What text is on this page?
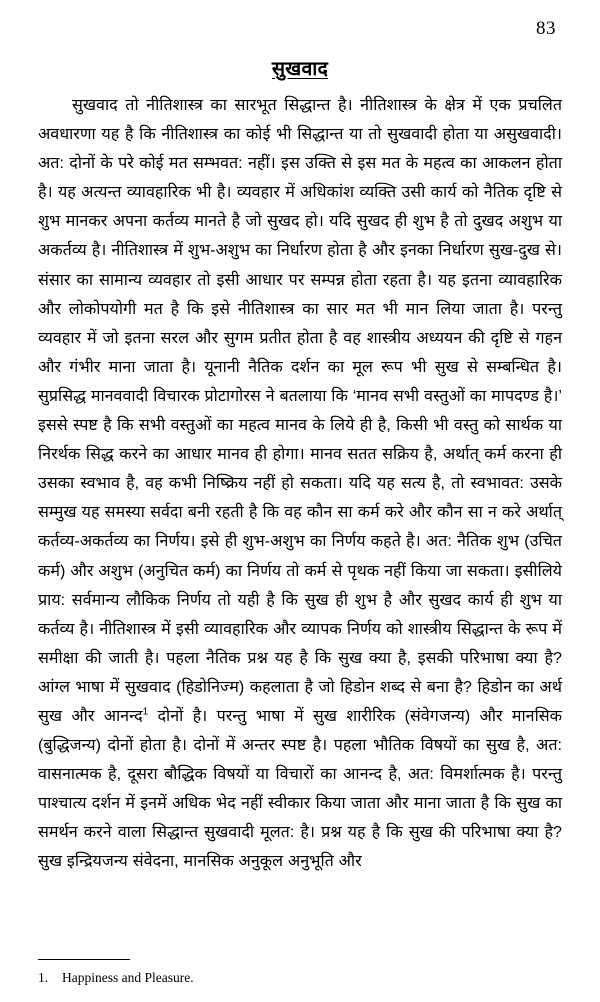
83
सुखवाद
सुखवाद तो नीतिशास्त्र का सारभूत सिद्धान्त है। नीतिशास्त्र के क्षेत्र में एक प्रचलित अवधारणा यह है कि नीतिशास्त्र का कोई भी सिद्धान्त या तो सुखवादी होता या असुखवादी। अत: दोनों के परे कोई मत सम्भवत: नहीं। इस उक्ति से इस मत के महत्व का आकलन होता है। यह अत्यन्त व्यावहारिक भी है। व्यवहार में अधिकांश व्यक्ति उसी कार्य को नैतिक दृष्टि से शुभ मानकर अपना कर्तव्य मानते है जो सुखद हो। यदि सुखद ही शुभ है तो दुखद अशुभ या अकर्तव्य है। नीतिशास्त्र में शुभ-अशुभ का निर्धारण होता है और इनका निर्धारण सुख-दुख से। संसार का सामान्य व्यवहार तो इसी आधार पर सम्पन्न होता रहता है। यह इतना व्यावहारिक और लोकोपयोगी मत है कि इसे नीतिशास्त्र का सार मत भी मान लिया जाता है। परन्तु व्यवहार में जो इतना सरल और सुगम प्रतीत होता है वह शास्त्रीय अध्ययन की दृष्टि से गहन और गंभीर माना जाता है। यूनानी नैतिक दर्शन का मूल रूप भी सुख से सम्बन्धित है। सुप्रसिद्ध मानववादी विचारक प्रोटागोरस ने बतलाया कि ‘मानव सभी वस्तुओं का मापदण्ड है।’ इससे स्पष्ट है कि सभी वस्तुओं का महत्व मानव के लिये ही है, किसी भी वस्तु को सार्थक या निरर्थक सिद्ध करने का आधार मानव ही होगा। मानव सतत सक्रिय है, अर्थात् कर्म करना ही उसका स्वभाव है, वह कभी निष्क्रिय नहीं हो सकता। यदि यह सत्य है, तो स्वभावत: उसके सम्मुख यह समस्या सर्वदा बनी रहती है कि वह कौन सा कर्म करे और कौन सा न करे अर्थात् कर्तव्य-अकर्तव्य का निर्णय। इसे ही शुभ-अशुभ का निर्णय कहते है। अत: नैतिक शुभ (उचित कर्म) और अशुभ (अनुचित कर्म) का निर्णय तो कर्म से पृथक नहीं किया जा सकता। इसीलिये प्राय: सर्वमान्य लौकिक निर्णय तो यही है कि सुख ही शुभ है और सुखद कार्य ही शुभ या कर्तव्य है। नीतिशास्त्र में इसी व्यावहारिक और व्यापक निर्णय को शास्त्रीय सिद्धान्त के रूप में समीक्षा की जाती है। पहला नैतिक प्रश्न यह है कि सुख क्या है, इसकी परिभाषा क्या है? आंग्ल भाषा में सुखवाद (हिडोनिज्म) कहलाता है जो हिडोन शब्द से बना है? हिडोन का अर्थ सुख और आनन्द$^1$ दोनों है। परन्तु भाषा में सुख शारीरिक (संवेगजन्य) और मानसिक (बुद्धिजन्य) दोनों होता है। दोनों में अन्तर स्पष्ट है। पहला भौतिक विषयों का सुख है, अत: वासनात्मक है, दूसरा बौद्धिक विषयों या विचारों का आनन्द है, अत: विमर्शात्मक है। परन्तु पाश्चात्य दर्शन में इनमें अधिक भेद नहीं स्वीकार किया जाता और माना जाता है कि सुख का समर्थन करने वाला सिद्धान्त सुखवादी मूलत: है। प्रश्न यह है कि सुख की परिभाषा क्या है? सुख इन्द्रियजन्य संवेदना, मानसिक अनुकूल अनुभूति और
1. Happiness and Pleasure.
